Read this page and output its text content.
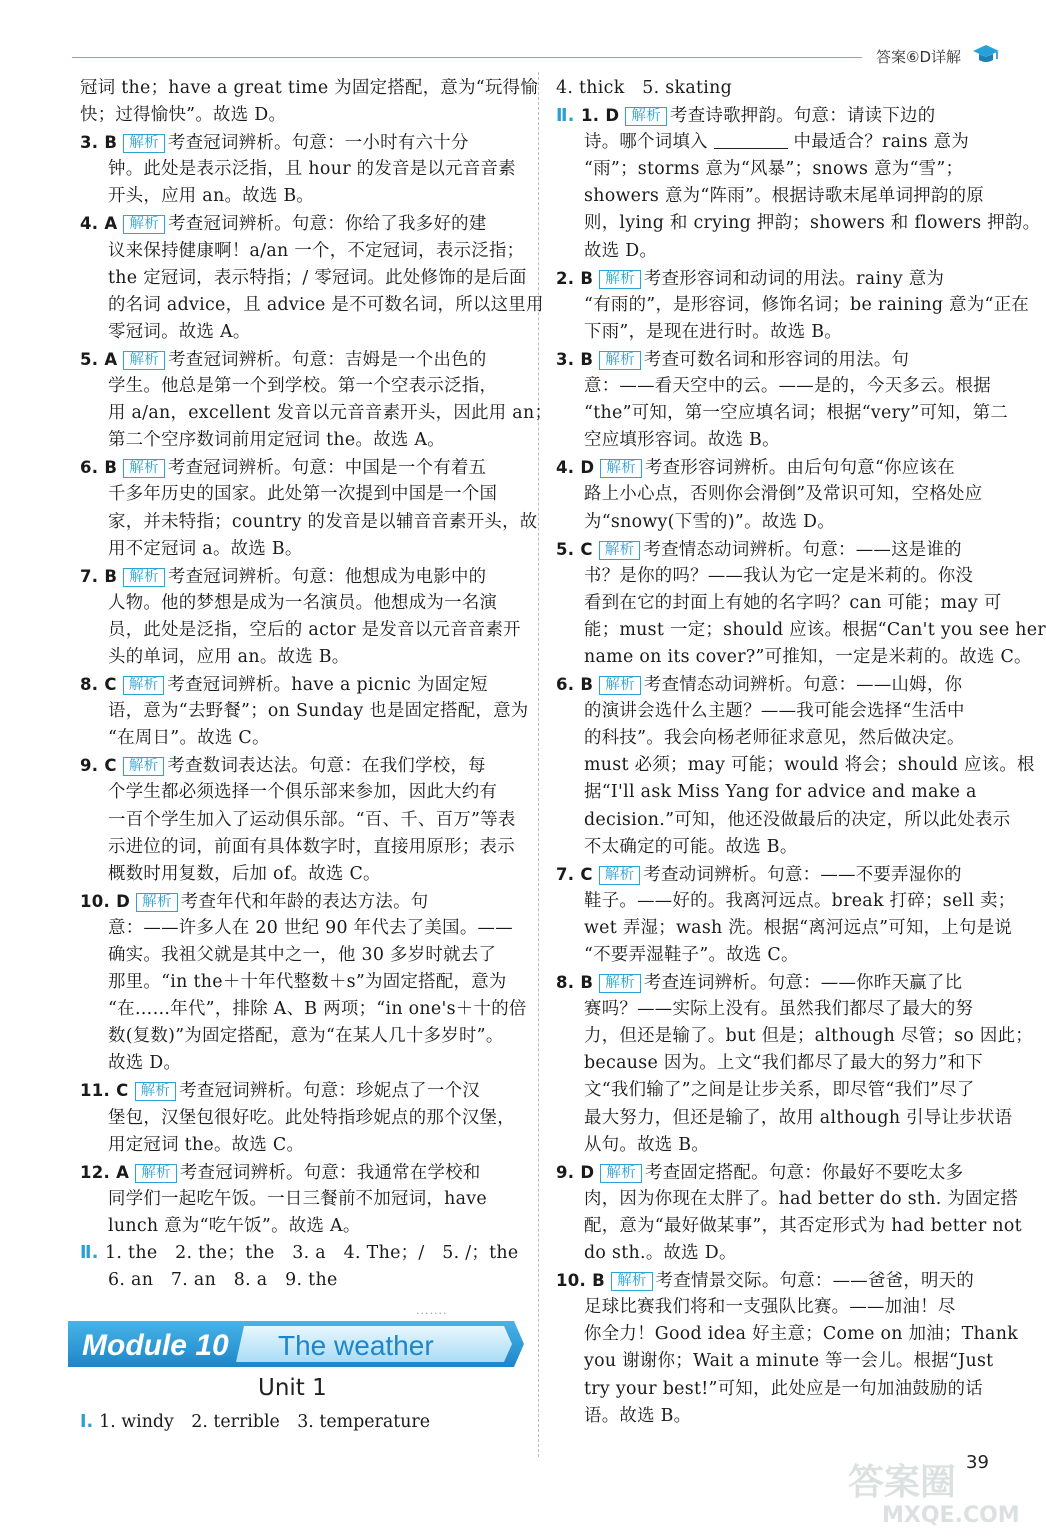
答案⑥D详解
冠词 the；have a great time 为固定搭配，意为“玩得愉
快；过得愉快”。故选 D。
3. B 解析 考查冠词辨析。句意：一小时有六十分
钟。此处是表示泛指，且 hour 的发音是以元音音素
开头，应用 an。故选 B。
4. A 解析 考查冠词辨析。句意：你给了我多好的建
议来保持健康啊！a/an 一个，不定冠词，表示泛指；
the 定冠词，表示特指；/ 零冠词。此处修饰的是后面
的名词 advice，且 advice 是不可数名词，所以这里用
零冠词。故选 A。
5. A 解析 考查冠词辨析。句意：吉姆是一个出色的
学生。他总是第一个到学校。第一个空表示泛指，
用 a/an，excellent 发音以元音音素开头，因此用 an；
第二个空序数词前用定冠词 the。故选 A。
6. B 解析 考查冠词辨析。句意：中国是一个有着五
千多年历史的国家。此处第一次提到中国是一个国
家，并未特指；country 的发音是以辅音音素开头，故
用不定冠词 a。故选 B。
7. B 解析 考查冠词辨析。句意：他想成为电影中的
人物。他的梦想是成为一名演员。他想成为一名演
员，此处是泛指，空后的 actor 是发音以元音音素开
头的单词，应用 an。故选 B。
8. C 解析 考查冠词辨析。have a picnic 为固定短
语，意为“去野餐”；on Sunday 也是固定搭配，意为
“在周日”。故选 C。
9. C 解析 考查数词表达法。句意：在我们学校，每
个学生都必须选择一个俱乐部来参加，因此大约有
一百个学生加入了运动俱乐部。“百、千、百万”等表
示进位的词，前面有具体数字时，直接用原形；表示
概数时用复数，后加 of。故选 C。
10. D 解析 考查年代和年龄的表达方法。句
意：——许多人在 20 世纪 90 年代去了美国。——
确实。我祖父就是其中之一，他 30 多岁时就去了
那里。“in the＋十年代整数＋s”为固定搭配，意为
“在……年代”，排除 A、B 两项；“in one's＋十的倍
数(复数)”为固定搭配，意为“在某人几十多岁时”。
故选 D。
11. C 解析 考查冠词辨析。句意：珍妮点了一个汉
堡包，汉堡包很好吃。此处特指珍妮点的那个汉堡，
用定冠词 the。故选 C。
12. A 解析 考查冠词辨析。句意：我通常在学校和
同学们一起吃午饭。一日三餐前不加冠词，have
lunch 意为“吃午饭”。故选 A。
Ⅱ. 1. the　2. the；the　3. a　4. The；/　5. /；the
6. an　7. an　8. a　9. the
4. thick　5. skating
Ⅱ. 1. D 解析 考查诗歌押韵。句意：请读下边的
诗。哪个词填入	中最适合？rains 意为
“雨”；storms 意为“风暴”；snows 意为“雪”；
showers 意为“阵雨”。根据诗歌末尾单词押韵的原
则，lying 和 crying 押韵；showers 和 flowers 押韵。
故选 D。
2. B 解析 考查形容词和动词的用法。rainy 意为
“有雨的”，是形容词，修饰名词；be raining 意为“正在
下雨”，是现在进行时。故选 B。
3. B 解析 考查可数名词和形容词的用法。句
意：——看天空中的云。——是的，今天多云。根据
“the”可知，第一空应填名词；根据“very”可知，第二
空应填形容词。故选 B。
4. D 解析 考查形容词辨析。由后句句意“你应该在
路上小心点，否则你会滑倒”及常识可知，空格处应
为“snowy(下雪的)”。故选 D。
5. C 解析 考查情态动词辨析。句意：——这是谁的
书？是你的吗？——我认为它一定是米莉的。你没
看到在它的封面上有她的名字吗？can 可能；may 可
能；must 一定；should 应该。根据“Can't you see her
name on its cover?”可推知，一定是米莉的。故选 C。
6. B 解析 考查情态动词辨析。句意：——山姆，你
的演讲会选什么主题？——我可能会选择“生活中
的科技”。我会向杨老师征求意见，然后做决定。
must 必须；may 可能；would 将会；should 应该。根
据“I'll ask Miss Yang for advice and make a
decision.”可知，他还没做最后的决定，所以此处表示
不太确定的可能。故选 B。
7. C 解析 考查动词辨析。句意：——不要弄湿你的
鞋子。——好的。我离河远点。break 打碎；sell 卖；
wet 弄湿；wash 洗。根据“离河远点”可知，上句是说
“不要弄湿鞋子”。故选 C。
8. B 解析 考查连词辨析。句意：——你昨天赢了比
赛吗？——实际上没有。虽然我们都尽了最大的努
力，但还是输了。but 但是；although 尽管；so 因此；
because 因为。上文“我们都尽了最大的努力”和下
文“我们输了”之间是让步关系，即尽管“我们”尽了
最大努力，但还是输了，故用 although 引导让步状语
从句。故选 B。
9. D 解析 考查固定搭配。句意：你最好不要吃太多
肉，因为你现在太胖了。had better do sth. 为固定搭
配，意为“最好做某事”，其否定形式为 had better not
do sth.。故选 D。
10. B 解析 考查情景交际。句意：——爸爸，明天的
足球比赛我们将和一支强队比赛。——加油！尽
你全力！Good idea 好主意；Come on 加油；Thank
you 谢谢你；Wait a minute 等一会儿。根据“Just
try your best!”可知，此处应是一句加油鼓励的话
语。故选 B。
·······
Module 10 The weather
Unit 1
Ⅰ. 1. windy　2. terrible　3. temperature
答案圈
MXQE.COM
39
